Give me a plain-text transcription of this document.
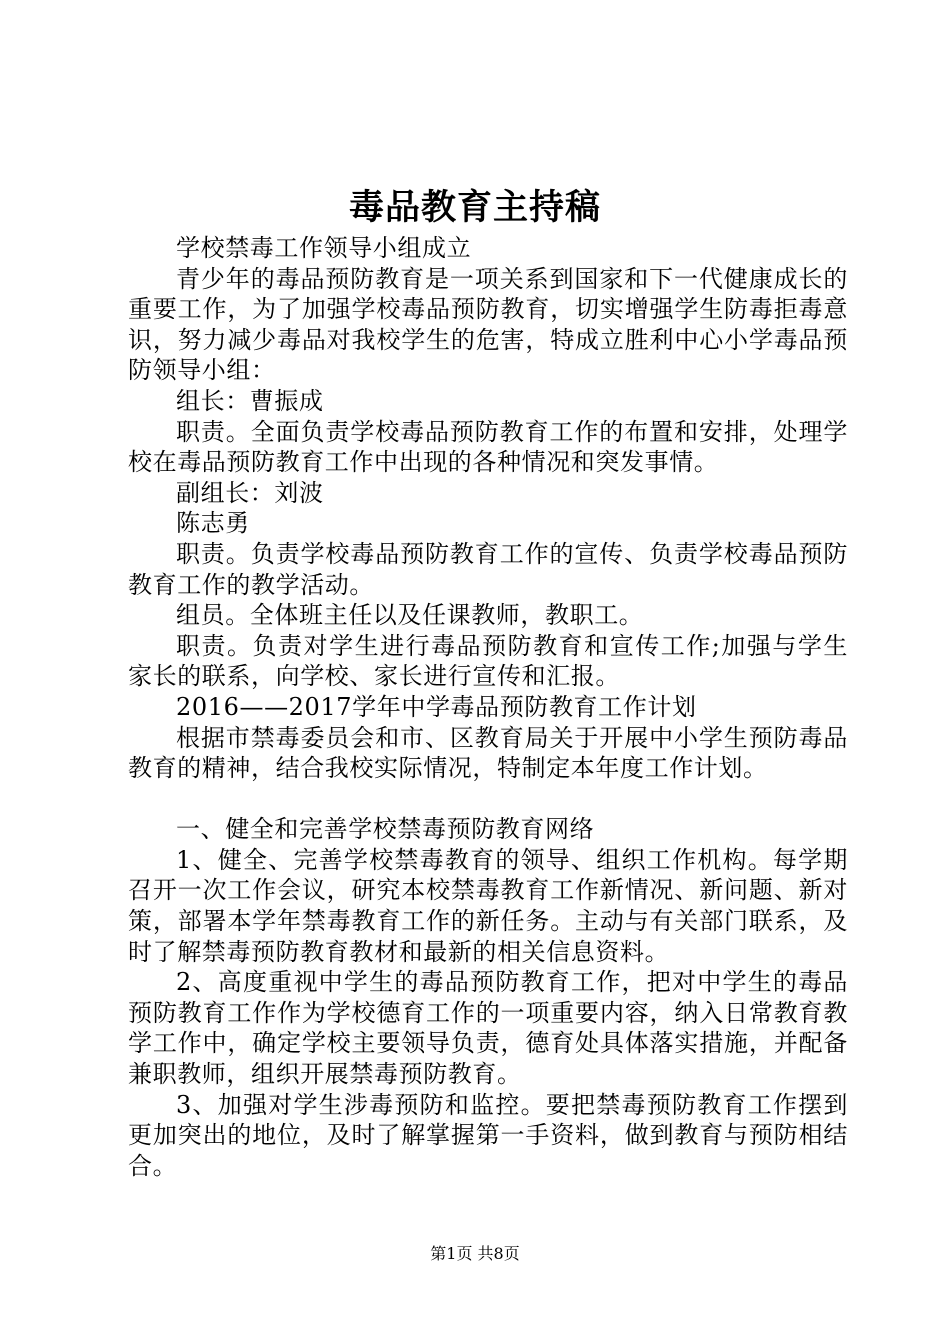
毒品教育主持稿

学校禁毒工作领导小组成立

青少年的毒品预防教育是一项关系到国家和下一代健康成长的重要工作，为了加强学校毒品预防教育，切实增强学生防毒拒毒意识，努力减少毒品对我校学生的危害，特成立胜利中心小学毒品预防领导小组：

组长：曹振成

职责。全面负责学校毒品预防教育工作的布置和安排，处理学校在毒品预防教育工作中出现的各种情况和突发事情。

副组长：刘波

陈志勇

职责。负责学校毒品预防教育工作的宣传、负责学校毒品预防教育工作的教学活动。

组员。全体班主任以及任课教师，教职工。

职责。负责对学生进行毒品预防教育和宣传工作;加强与学生家长的联系，向学校、家长进行宣传和汇报。

2016——2017学年中学毒品预防教育工作计划

根据市禁毒委员会和市、区教育局关于开展中小学生预防毒品教育的精神，结合我校实际情况，特制定本年度工作计划。

一、健全和完善学校禁毒预防教育网络

1、健全、完善学校禁毒教育的领导、组织工作机构。每学期召开一次工作会议，研究本校禁毒教育工作新情况、新问题、新对策，部署本学年禁毒教育工作的新任务。主动与有关部门联系，及时了解禁毒预防教育教材和最新的相关信息资料。

2、高度重视中学生的毒品预防教育工作，把对中学生的毒品预防教育工作作为学校德育工作的一项重要内容，纳入日常教育教学工作中，确定学校主要领导负责，德育处具体落实措施，并配备兼职教师，组织开展禁毒预防教育。

3、加强对学生涉毒预防和监控。要把禁毒预防教育工作摆到更加突出的地位，及时了解掌握第一手资料，做到教育与预防相结合。

第1页 共8页
